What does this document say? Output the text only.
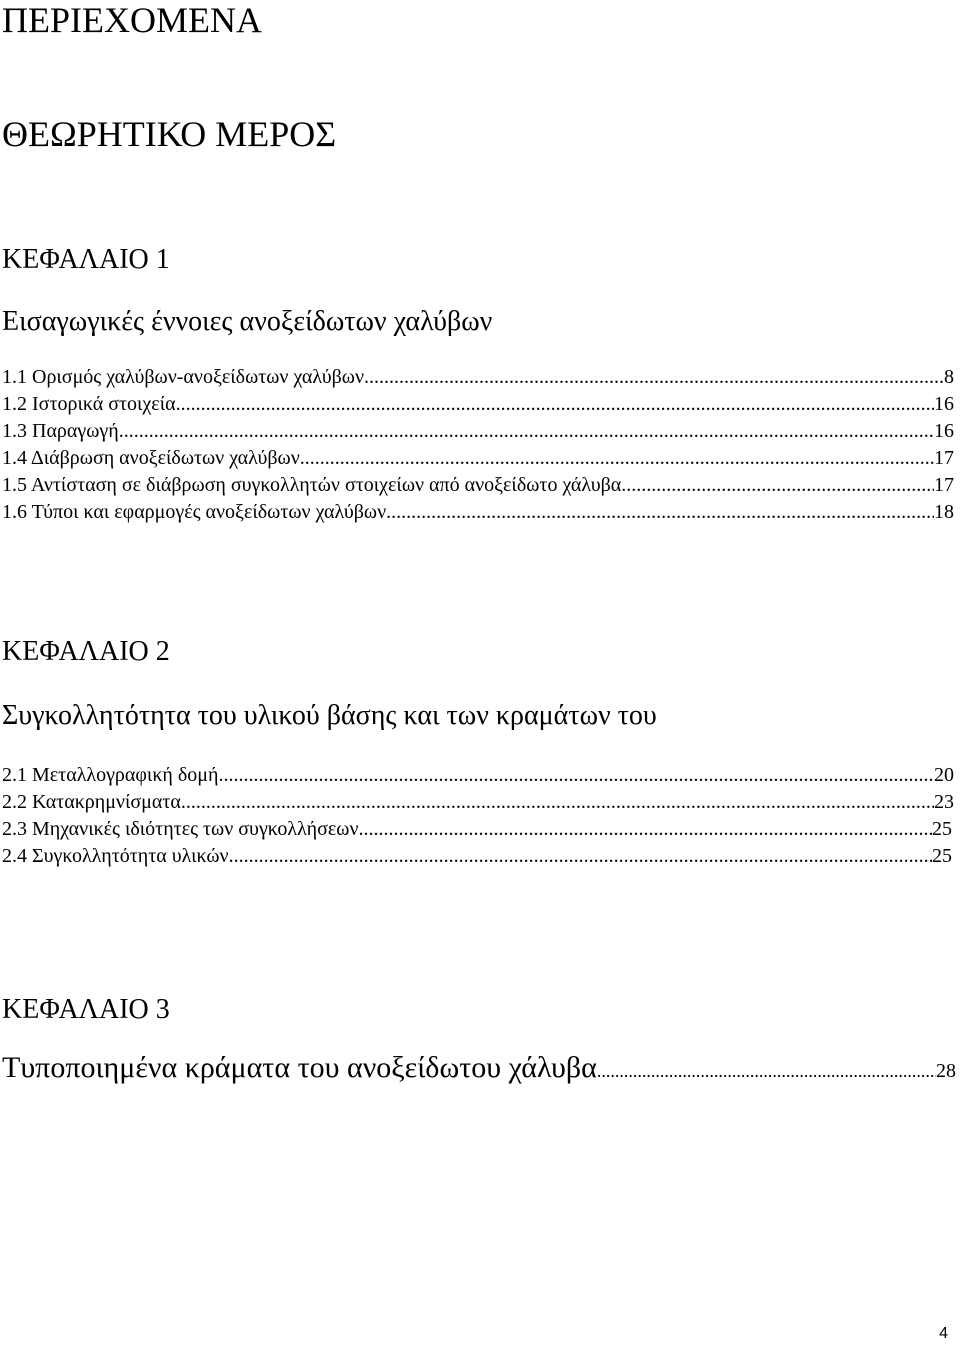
ΠΕΡΙΕΧΟΜΕΝΑ
ΘΕΩΡΗΤΙΚΟ ΜΕΡΟΣ
ΚΕΦΑΛΑΙΟ 1
Εισαγωγικές έννοιες ανοξείδωτων χαλύβων
1.1 Ορισμός χαλύβων-ανοξείδωτων χαλύβων .....	8
1.2 Ιστορικά στοιχεία .....	16
1.3 Παραγωγή .....	16
1.4 Διάβρωση ανοξείδωτων χαλύβων .....	17
1.5 Αντίσταση σε διάβρωση συγκολλητών στοιχείων από ανοξείδωτο χάλυβα .....	17
1.6 Τύποι και εφαρμογές ανοξείδωτων χαλύβων .....	18
ΚΕΦΑΛΑΙΟ 2
Συγκολλητότητα του υλικού βάσης και των κραμάτων του
2.1 Μεταλλογραφική δομή .....	20
2.2 Κατακρημνίσματα .....	23
2.3 Μηχανικές ιδιότητες των συγκολλήσεων .....	25
2.4 Συγκολλητότητα υλικών .....	25
ΚΕΦΑΛΑΙΟ 3
Τυποποιημένα κράματα του ανοξείδωτου χάλυβα .....	28
4
